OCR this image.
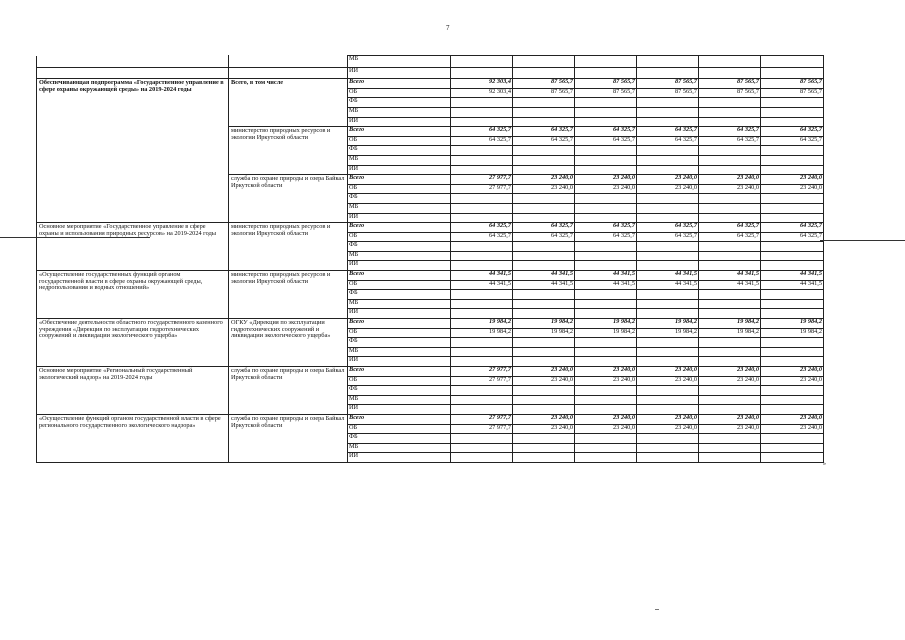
7
		МБ						
		ИИ						
Обеспечивающая подпрограмма «Государственное управление в сфере охраны окружающей среды» на 2019-2024 годы	Всего, в том числе	Всего	92 303,4	87 565,7	87 565,7	87 565,7	87 565,7	87 565,7
		ОБ	92 303,4	87 565,7	87 565,7	87 565,7	87 565,7	87 565,7
		ФБ						
		МБ						
		ИИ						
	министерство природных ресурсов и экологии Иркутской области	Всего	64 325,7	64 325,7	64 325,7	64 325,7	64 325,7	64 325,7
		ОБ	64 325,7	64 325,7	64 325,7	64 325,7	64 325,7	64 325,7
		ФБ						
		МБ						
		ИИ						
	служба по охране природы и озера Байкал Иркутской области	Всего	27 977,7	23 240,0	23 240,0	23 240,0	23 240,0	23 240,0
		ОБ	27 977,7	23 240,0	23 240,0	23 240,0	23 240,0	23 240,0
		ФБ						
		МБ						
		ИИ						
Основное мероприятие «Государственное управление в сфере охраны и использования природных ресурсов» на 2019-2024 годы	министерство природных ресурсов и экологии Иркутской области	Всего	64 325,7	64 325,7	64 325,7	64 325,7	64 325,7	64 325,7
		ОБ	64 325,7	64 325,7	64 325,7	64 325,7	64 325,7	64 325,7
		ФБ						
		МБ						
		ИИ						
«Осуществление государственных функций органом государственной власти в сфере охраны окружающей среды, недропользования и водных отношений»	министерство природных ресурсов и экологии Иркутской области	Всего	44 341,5	44 341,5	44 341,5	44 341,5	44 341,5	44 341,5
		ОБ	44 341,5	44 341,5	44 341,5	44 341,5	44 341,5	44 341,5
		ФБ						
		МБ						
		ИИ						
«Обеспечение деятельности областного государственного казенного учреждения «Дирекция по эксплуатации гидротехнических сооружений и ликвидации экологического ущерба»	ОГКУ «Дирекция по эксплуатации гидротехнических сооружений и ликвидации экологического ущерба»	Всего	19 984,2	19 984,2	19 984,2	19 984,2	19 984,2	19 984,2
		ОБ	19 984,2	19 984,2	19 984,2	19 984,2	19 984,2	19 984,2
		ФБ						
		МБ						
		ИИ						
Основное мероприятие «Региональный государственный экологический надзор» на 2019-2024 годы	служба по охране природы и озера Байкал Иркутской области	Всего	27 977,7	23 240,0	23 240,0	23 240,0	23 240,0	23 240,0
		ОБ	27 977,7	23 240,0	23 240,0	23 240,0	23 240,0	23 240,0
		ФБ						
		МБ						
		ИИ						
«Осуществление функций органом государственной власти в сфере регионального государственного экологического надзора»	служба по охране природы и озера Байкал Иркутской области	Всего	27 977,7	23 240,0	23 240,0	23 240,0	23 240,0	23 240,0
		ОБ	27 977,7	23 240,0	23 240,0	23 240,0	23 240,0	23 240,0
		ФБ						
		МБ						
		ИИ						
»
